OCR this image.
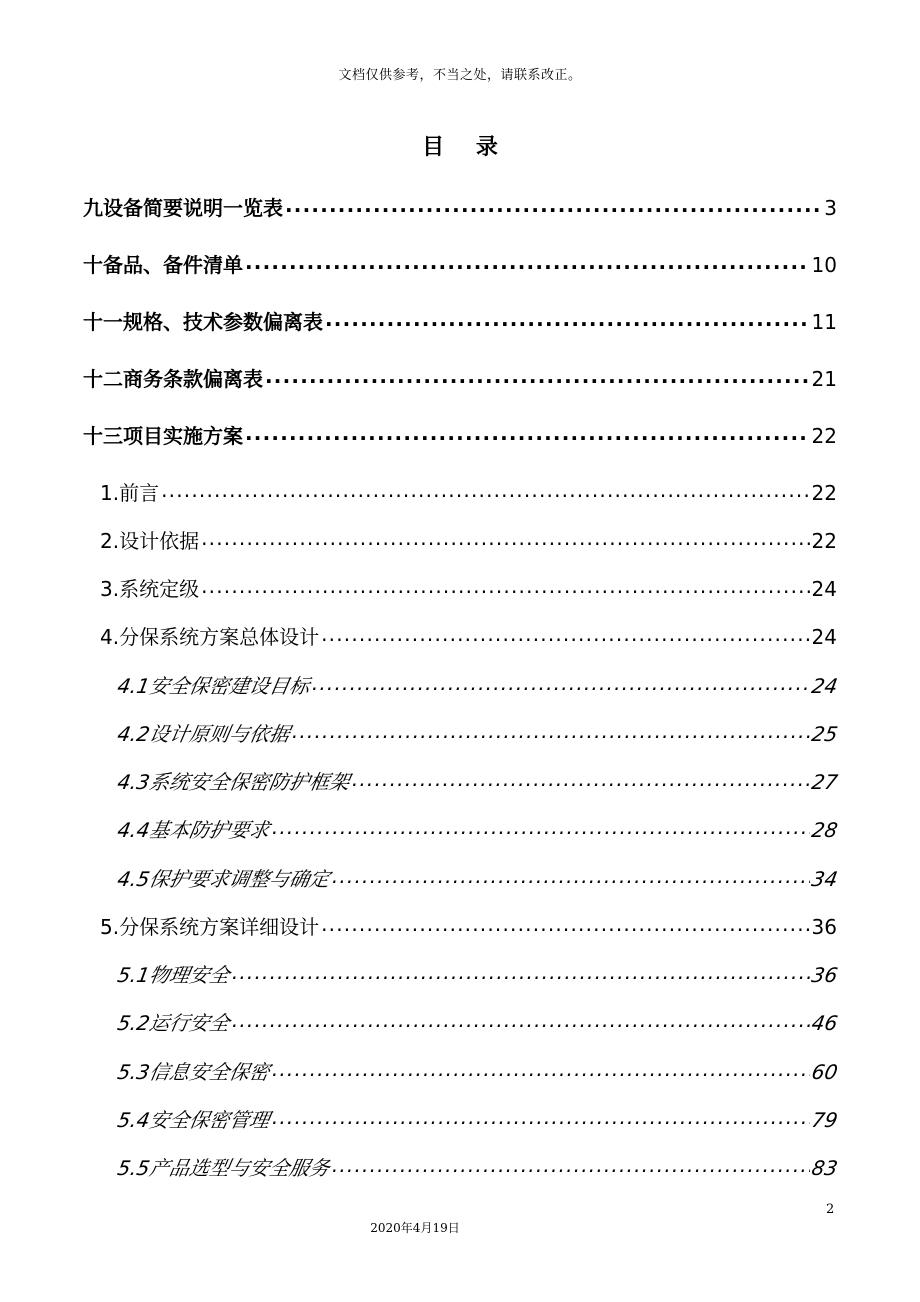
文档仅供参考，不当之处，请联系改正。
目 录
九设备简要说明一览表 .....	3
十备品、备件清单 .....	10
十一规格、技术参数偏离表 .....	11
十二商务条款偏离表 .....	21
十三项目实施方案 .....	22
1.前言 .....	22
2.设计依据 .....	22
3.系统定级 .....	24
4.分保系统方案总体设计 .....	24
4.1安全保密建设目标 .....	24
4.2设计原则与依据 .....	25
4.3系统安全保密防护框架 .....	27
4.4基本防护要求 .....	28
4.5保护要求调整与确定 .....	34
5.分保系统方案详细设计 .....	36
5.1物理安全 .....	36
5.2运行安全 .....	46
5.3信息安全保密 .....	60
5.4安全保密管理 .....	79
5.5产品选型与安全服务 .....	83
2
2020年4月19日
